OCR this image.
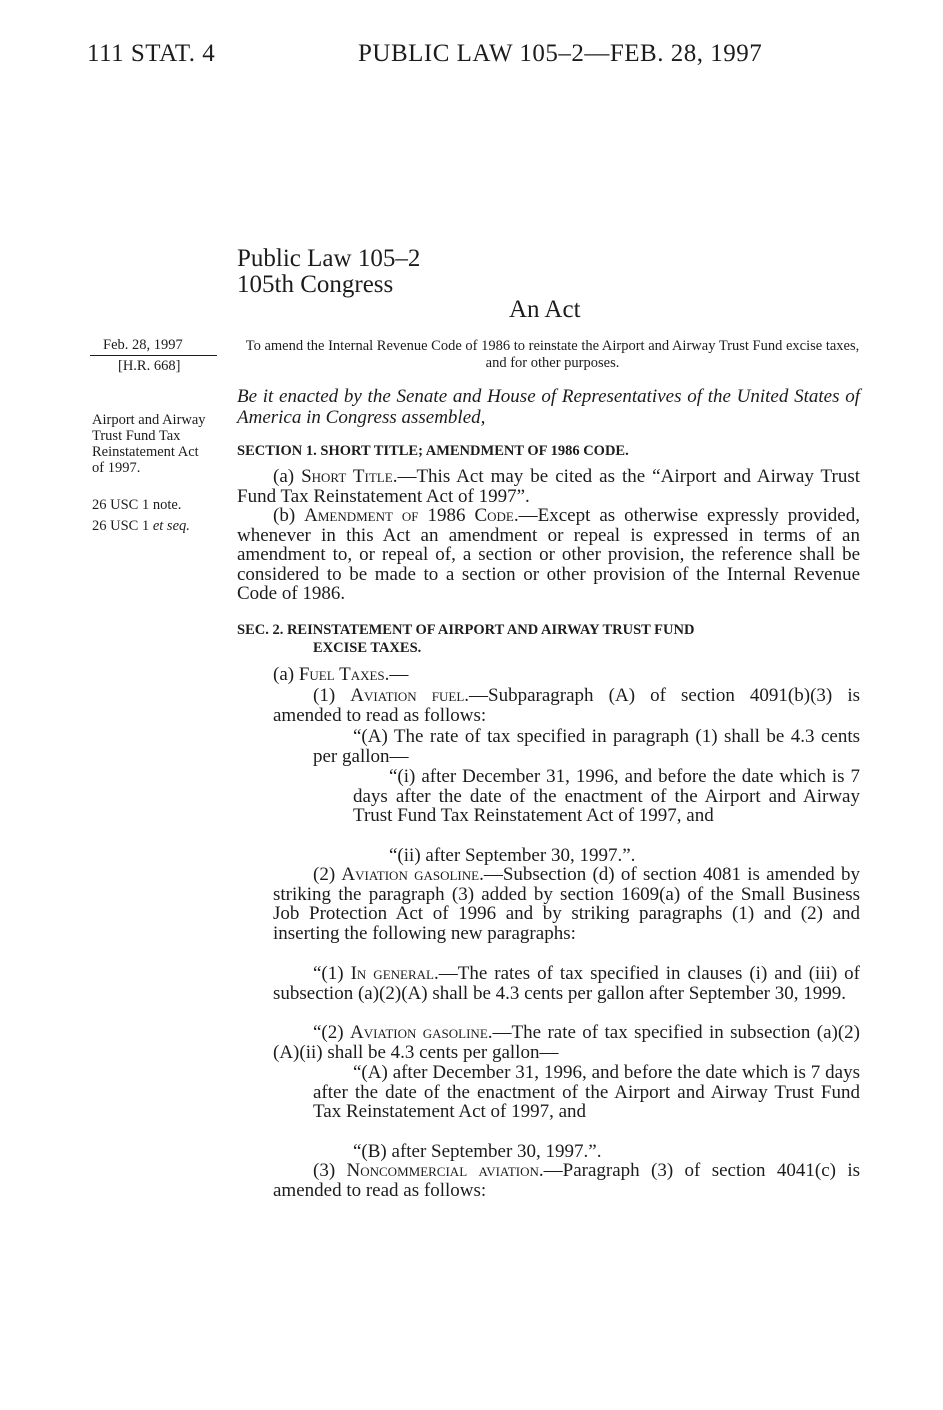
111 STAT. 4	PUBLIC LAW 105–2—FEB. 28, 1997
Public Law 105–2
105th Congress
An Act
Feb. 28, 1997
[H.R. 668]
Airport and Airway Trust Fund Tax Reinstatement Act of 1997.
26 USC 1 note.
26 USC 1 et seq.
To amend the Internal Revenue Code of 1986 to reinstate the Airport and Airway Trust Fund excise taxes, and for other purposes.
Be it enacted by the Senate and House of Representatives of the United States of America in Congress assembled,
SECTION 1. SHORT TITLE; AMENDMENT OF 1986 CODE.
(a) Short Title.—This Act may be cited as the “Airport and Airway Trust Fund Tax Reinstatement Act of 1997”.
(b) Amendment of 1986 Code.—Except as otherwise expressly provided, whenever in this Act an amendment or repeal is expressed in terms of an amendment to, or repeal of, a section or other provision, the reference shall be considered to be made to a section or other provision of the Internal Revenue Code of 1986.
SEC. 2. REINSTATEMENT OF AIRPORT AND AIRWAY TRUST FUND
EXCISE TAXES.
(a) Fuel Taxes.—
(1) Aviation fuel.—Subparagraph (A) of section 4091(b)(3) is amended to read as follows:
“(A) The rate of tax specified in paragraph (1) shall be 4.3 cents per gallon—
“(i) after December 31, 1996, and before the date which is 7 days after the date of the enactment of the Airport and Airway Trust Fund Tax Reinstatement Act of 1997, and
“(ii) after September 30, 1997.”.
(2) Aviation gasoline.—Subsection (d) of section 4081 is amended by striking the paragraph (3) added by section 1609(a) of the Small Business Job Protection Act of 1996 and by striking paragraphs (1) and (2) and inserting the following new paragraphs:
“(1) In general.—The rates of tax specified in clauses (i) and (iii) of subsection (a)(2)(A) shall be 4.3 cents per gallon after September 30, 1999.
“(2) Aviation gasoline.—The rate of tax specified in subsection (a)(2)(A)(ii) shall be 4.3 cents per gallon—
“(A) after December 31, 1996, and before the date which is 7 days after the date of the enactment of the Airport and Airway Trust Fund Tax Reinstatement Act of 1997, and
“(B) after September 30, 1997.”.
(3) Noncommercial aviation.—Paragraph (3) of section 4041(c) is amended to read as follows:
